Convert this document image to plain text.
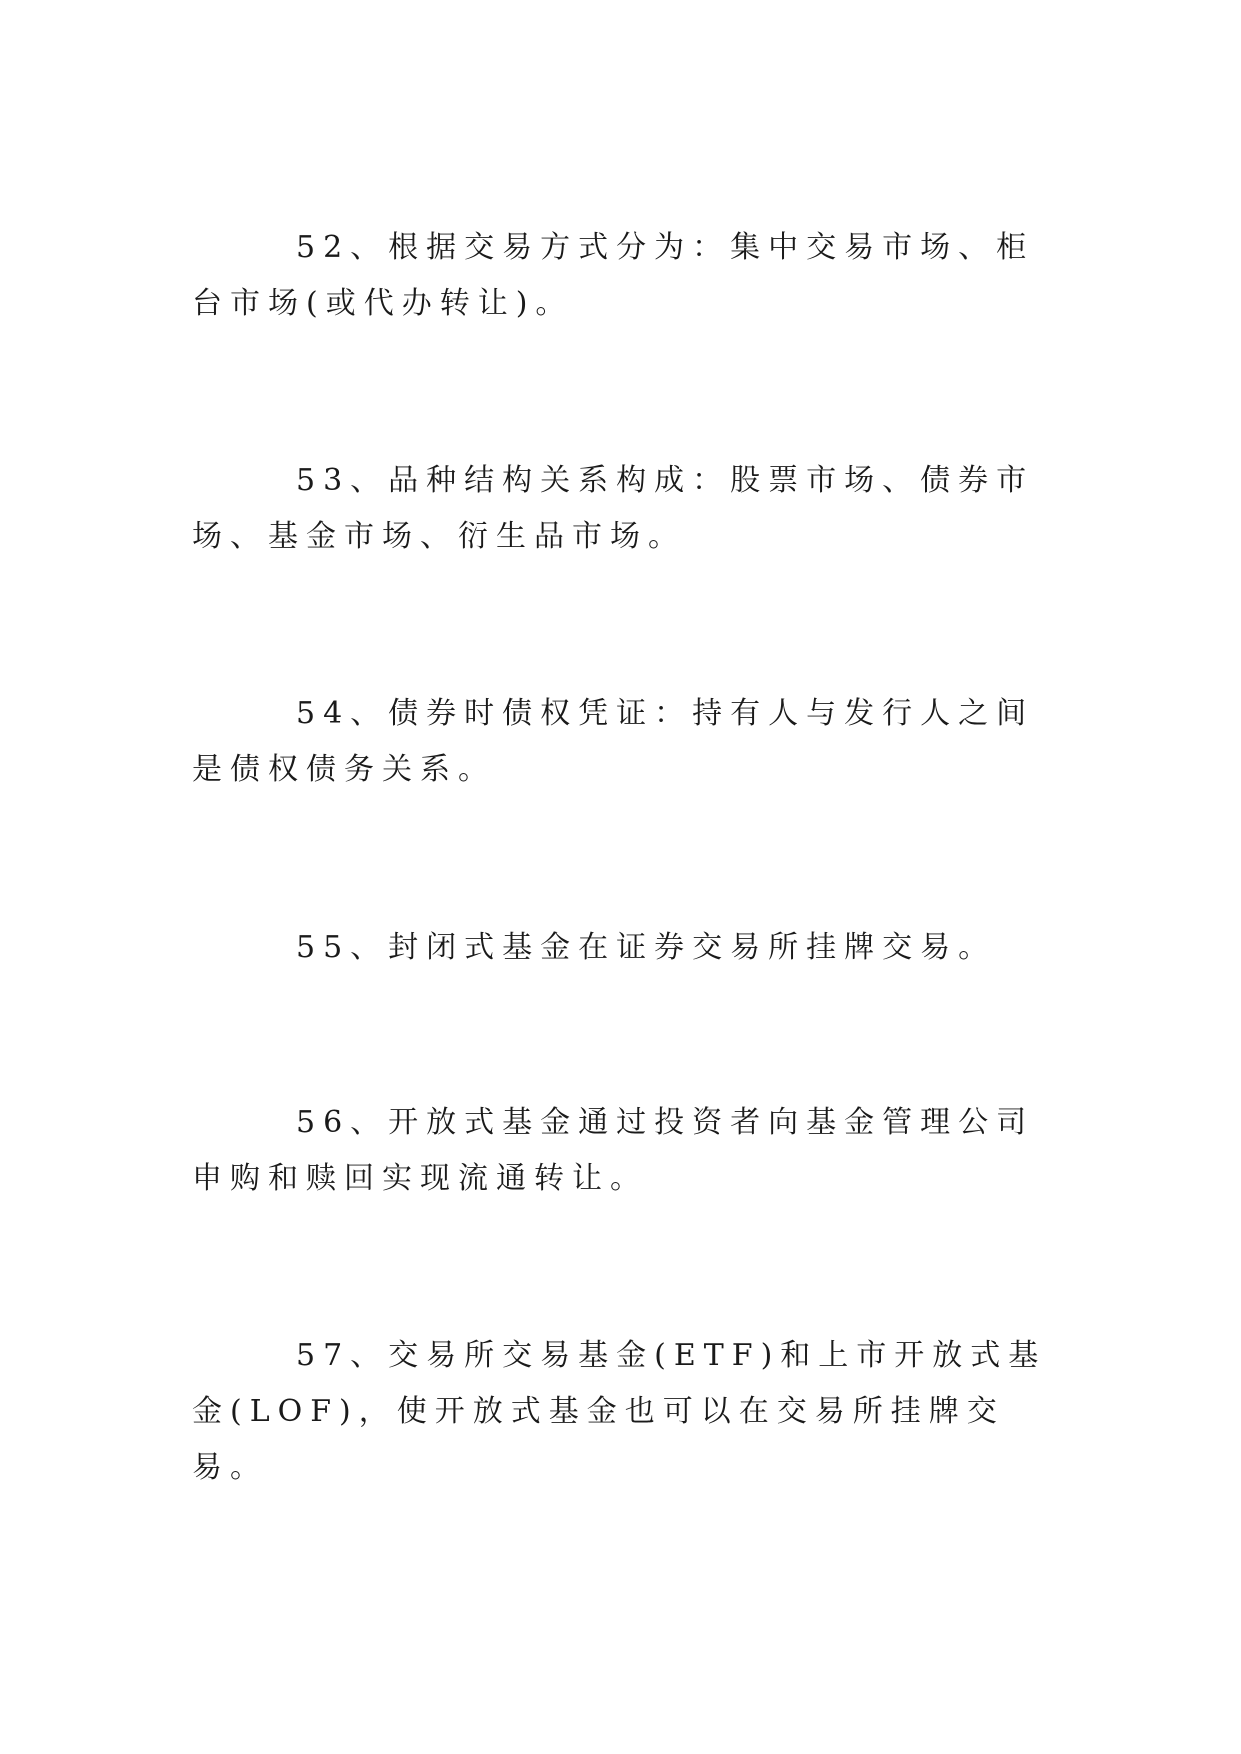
52、根据交易方式分为：集中交易市场、柜台市场(或代办转让)。

53、品种结构关系构成：股票市场、债券市场、基金市场、衍生品市场。

54、债券时债权凭证：持有人与发行人之间是债权债务关系。

55、封闭式基金在证券交易所挂牌交易。

56、开放式基金通过投资者向基金管理公司申购和赎回实现流通转让。

57、交易所交易基金(ETF)和上市开放式基金(LOF)，使开放式基金也可以在交易所挂牌交易。
